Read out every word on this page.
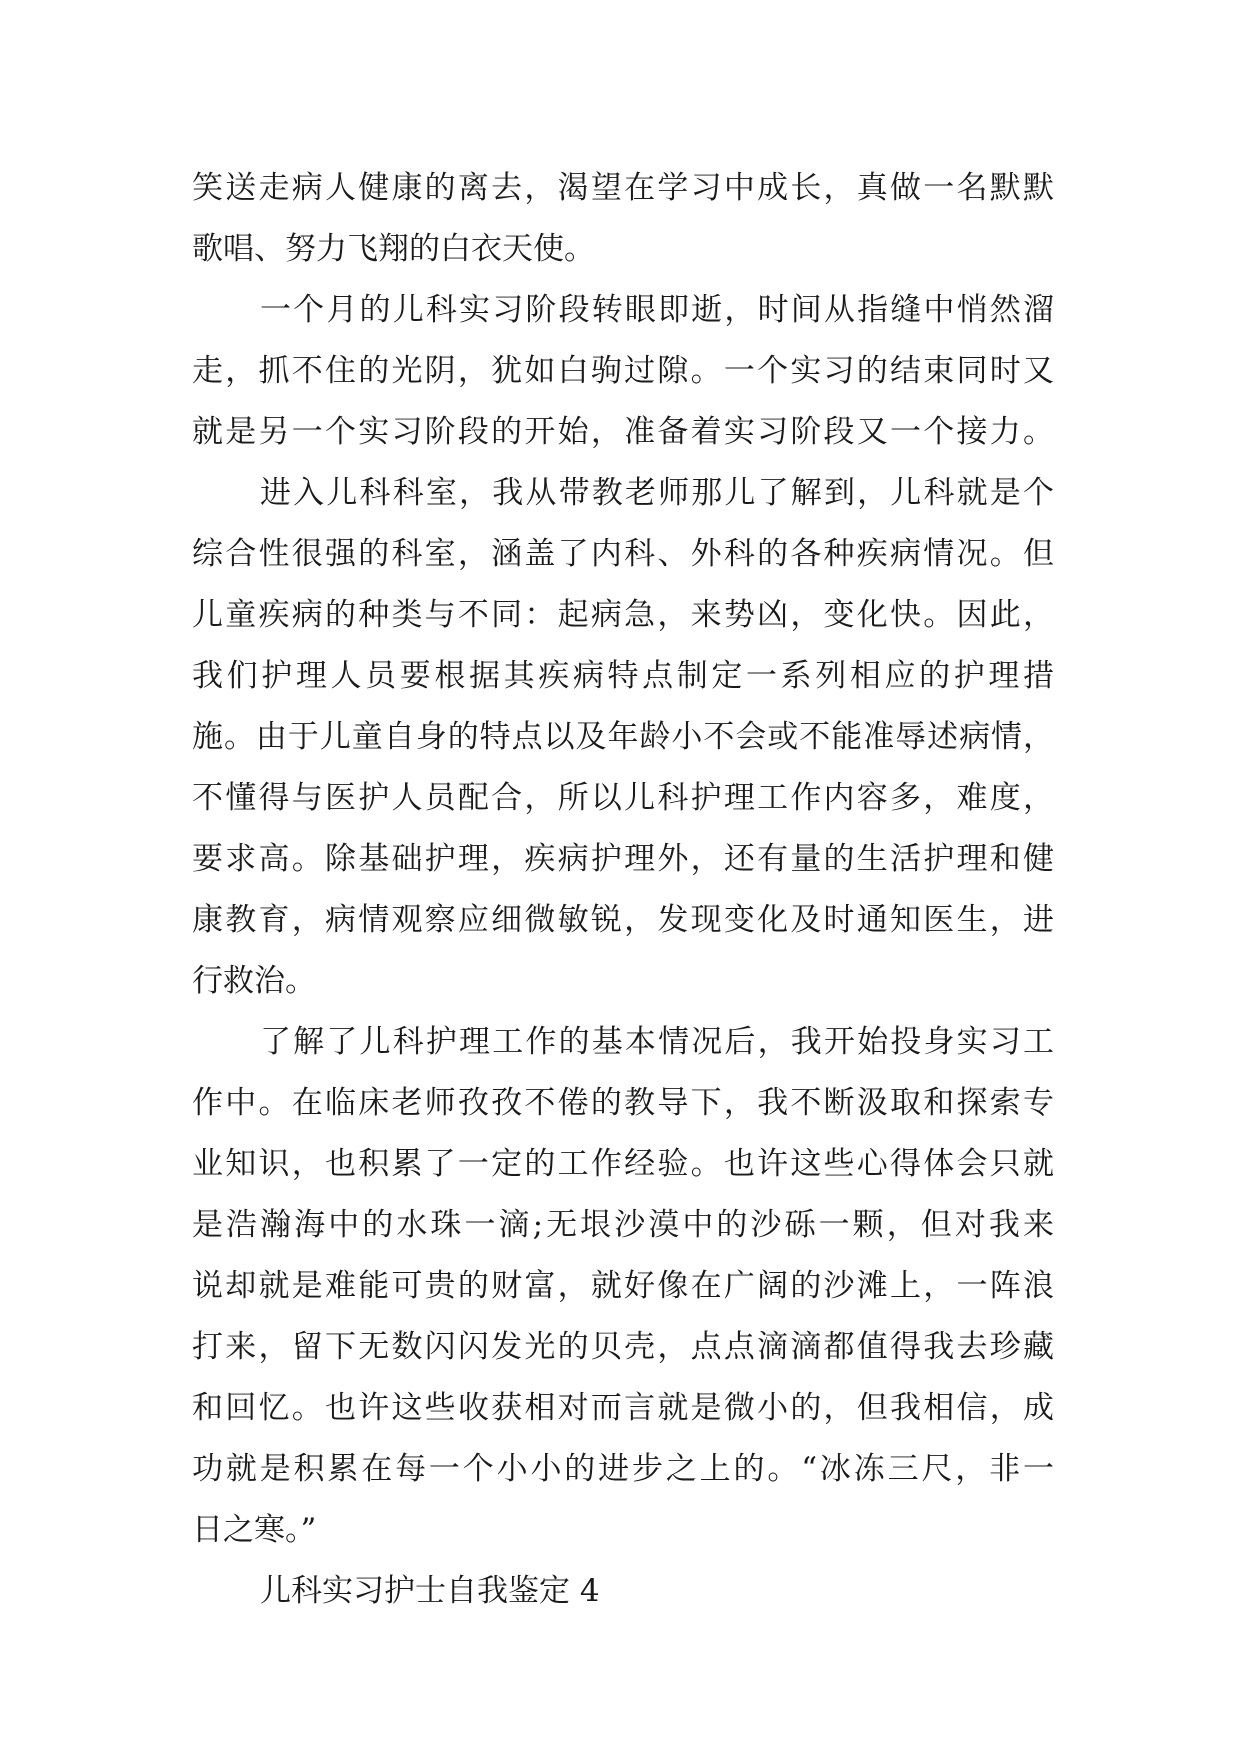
笑送走病人健康的离去，渴望在学习中成长，真做一名默默
歌唱、努力飞翔的白衣天使。
一个月的儿科实习阶段转眼即逝，时间从指缝中悄然溜
走，抓不住的光阴，犹如白驹过隙。一个实习的结束同时又
就是另一个实习阶段的开始，准备着实习阶段又一个接力。
进入儿科科室，我从带教老师那儿了解到，儿科就是个
综合性很强的科室，涵盖了内科、外科的各种疾病情况。但
儿童疾病的种类与不同：起病急，来势凶，变化快。因此，
我们护理人员要根据其疾病特点制定一系列相应的护理措
施。由于儿童自身的特点以及年龄小不会或不能准辱述病情，
不懂得与医护人员配合，所以儿科护理工作内容多，难度，
要求高。除基础护理，疾病护理外，还有量的生活护理和健
康教育，病情观察应细微敏锐，发现变化及时通知医生，进
行救治。
了解了儿科护理工作的基本情况后，我开始投身实习工
作中。在临床老师孜孜不倦的教导下，我不断汲取和探索专
业知识，也积累了一定的工作经验。也许这些心得体会只就
是浩瀚海中的水珠一滴;无垠沙漠中的沙砾一颗，但对我来
说却就是难能可贵的财富，就好像在广阔的沙滩上，一阵浪
打来，留下无数闪闪发光的贝壳，点点滴滴都值得我去珍藏
和回忆。也许这些收获相对而言就是微小的，但我相信，成
功就是积累在每一个小小的进步之上的。“冰冻三尺，非一
日之寒。”
儿科实习护士自我鉴定 4
